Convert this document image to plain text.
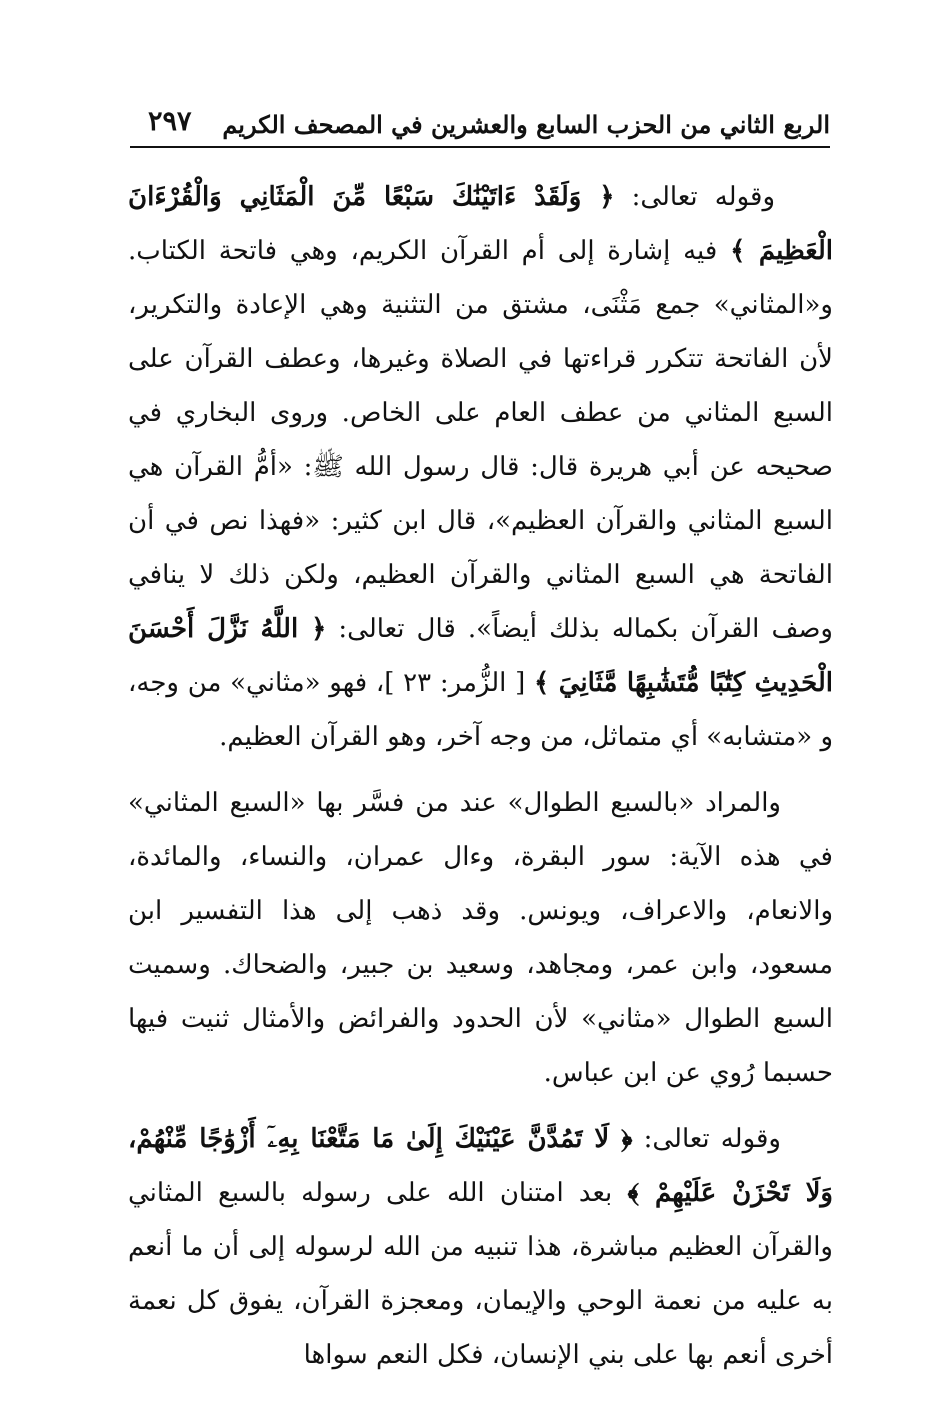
الربع الثاني من الحزب السابع والعشرين في المصحف الكريم
٢٩٧

وقوله تعالى: ﴿ وَلَقَدْ ءَاتَيْنَٰكَ سَبْعًا مِّنَ الْمَثَانِي وَالْقُرْءَانَ الْعَظِيمَ ﴾ فيه إشارة إلى أم القرآن الكريم، وهي فاتحة الكتاب. و«المثاني» جمع مَثْنَى، مشتق من التثنية وهي الإعادة والتكرير، لأن الفاتحة تتكرر قراءتها في الصلاة وغيرها، وعطف القرآن على السبع المثاني من عطف العام على الخاص. وروى البخاري في صحيحه عن أبي هريرة قال: قال رسول الله ﷺ: «أمُّ القرآن هي السبع المثاني والقرآن العظيم»، قال ابن كثير: «فهذا نص في أن الفاتحة هي السبع المثاني والقرآن العظيم، ولكن ذلك لا ينافي وصف القرآن بكماله بذلك أيضاً». قال تعالى: ﴿ اللَّهُ نَزَّلَ أَحْسَنَ الْحَدِيثِ كِتَٰبًا مُّتَشَٰبِهًا مَّثَانِيَ ﴾ [ الزُّمر: ٢٣ ]، فهو «مثاني» من وجه، و «متشابه» أي متماثل، من وجه آخر، وهو القرآن العظيم.

والمراد «بالسبع الطوال» عند من فسَّر بها «السبع المثاني» في هذه الآية: سور البقرة، وءال عمران، والنساء، والمائدة، والانعام، والاعراف، ويونس. وقد ذهب إلى هذا التفسير ابن مسعود، وابن عمر، ومجاهد، وسعيد بن جبير، والضحاك. وسميت السبع الطوال «مثاني» لأن الحدود والفرائض والأمثال ثنيت فيها حسبما رُوي عن ابن عباس.

وقوله تعالى: ﴿ لَا تَمُدَّنَّ عَيْنَيْكَ إِلَىٰ مَا مَتَّعْنَا بِهِۦٓ أَزْوَٰجًا مِّنْهُمْ، وَلَا تَحْزَنْ عَلَيْهِمْ ﴾ بعد امتنان الله على رسوله بالسبع المثاني والقرآن العظيم مباشرة، هذا تنبيه من الله لرسوله إلى أن ما أنعم به عليه من نعمة الوحي والإيمان، ومعجزة القرآن، يفوق كل نعمة أخرى أنعم بها على بني الإنسان، فكل النعم سواها
